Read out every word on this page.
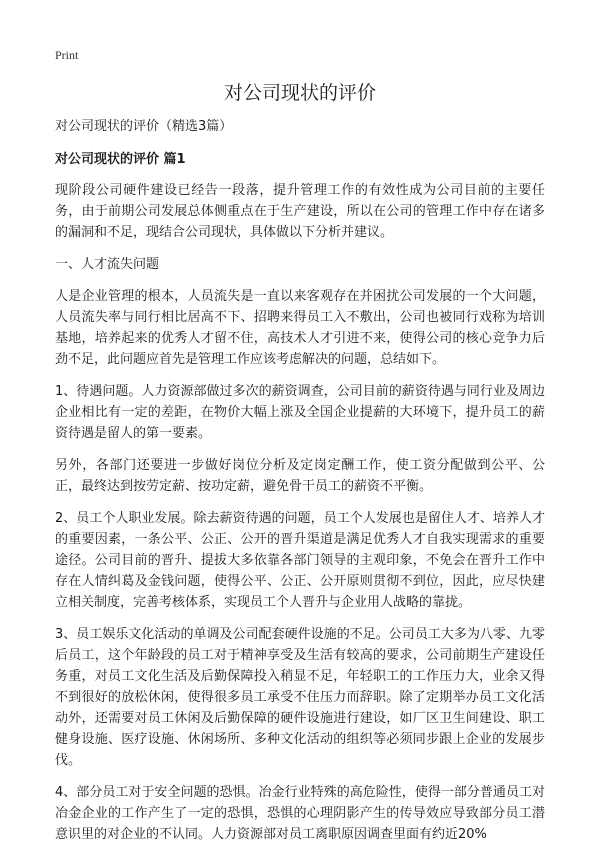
Print
对公司现状的评价
对公司现状的评价（精选3篇）
对公司现状的评价 篇1

现阶段公司硬件建设已经告一段落，提升管理工作的有效性成为公司目前的主要任务，由于前期公司发展总体侧重点在于生产建设，所以在公司的管理工作中存在诸多的漏洞和不足，现结合公司现状，具体做以下分析并建议。

一、人才流失问题

人是企业管理的根本，人员流失是一直以来客观存在并困扰公司发展的一个大问题，人员流失率与同行相比居高不下、招聘来得员工入不敷出，公司也被同行戏称为培训基地，培养起来的优秀人才留不住，高技术人才引进不来，使得公司的核心竞争力后劲不足，此问题应首先是管理工作应该考虑解决的问题，总结如下。

1、待遇问题。人力资源部做过多次的薪资调查，公司目前的薪资待遇与同行业及周边企业相比有一定的差距，在物价大幅上涨及全国企业提薪的大环境下，提升员工的薪资待遇是留人的第一要素。

另外，各部门还要进一步做好岗位分析及定岗定酬工作，使工资分配做到公平、公正，最终达到按劳定薪、按功定薪，避免骨干员工的薪资不平衡。

2、员工个人职业发展。除去薪资待遇的问题，员工个人发展也是留住人才、培养人才的重要因素，一条公平、公正、公开的晋升渠道是满足优秀人才自我实现需求的重要途径。公司目前的晋升、提拔大多依靠各部门领导的主观印象，不免会在晋升工作中存在人情纠葛及金钱问题，使得公平、公正、公开原则贯彻不到位，因此，应尽快建立相关制度，完善考核体系，实现员工个人晋升与企业用人战略的靠拢。

3、员工娱乐文化活动的单调及公司配套硬件设施的不足。公司员工大多为八零、九零后员工，这个年龄段的员工对于精神享受及生活有较高的要求，公司前期生产建设任务重，对员工文化生活及后勤保障投入稍显不足，年轻职工的工作压力大，业余又得不到很好的放松休闲，使得很多员工承受不住压力而辞职。除了定期举办员工文化活动外，还需要对员工休闲及后勤保障的硬件设施进行建设，如厂区卫生间建设、职工健身设施、医疗设施、休闲场所、多种文化活动的组织等必须同步跟上企业的发展步伐。

4、部分员工对于安全问题的恐惧。冶金行业特殊的高危险性，使得一部分普通员工对冶金企业的工作产生了一定的恐惧，恐惧的心理阴影产生的传导效应导致部分员工潜意识里的对企业的不认同。人力资源部对员工离职原因调查里面有约近20%
